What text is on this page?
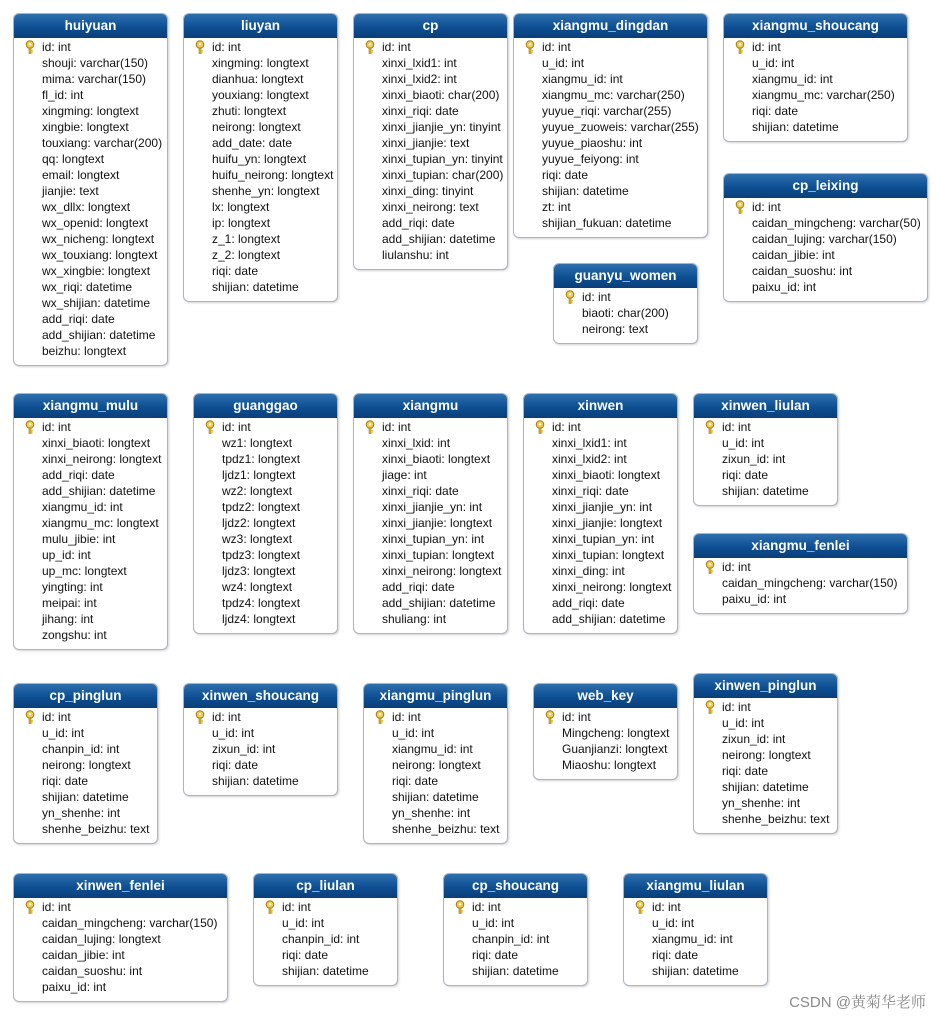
huiyuan
id: int
shouji: varchar(150)
mima: varchar(150)
fl_id: int
xingming: longtext
xingbie: longtext
touxiang: varchar(200)
qq: longtext
email: longtext
jianjie: text
wx_dllx: longtext
wx_openid: longtext
wx_nicheng: longtext
wx_touxiang: longtext
wx_xingbie: longtext
wx_riqi: datetime
wx_shijian: datetime
add_riqi: date
add_shijian: datetime
beizhu: longtext
liuyan
id: int
xingming: longtext
dianhua: longtext
youxiang: longtext
zhuti: longtext
neirong: longtext
add_date: date
huifu_yn: longtext
huifu_neirong: longtext
shenhe_yn: longtext
lx: longtext
ip: longtext
z_1: longtext
z_2: longtext
riqi: date
shijian: datetime
cp
id: int
xinxi_lxid1: int
xinxi_lxid2: int
xinxi_biaoti: char(200)
xinxi_riqi: date
xinxi_jianjie_yn: tinyint
xinxi_jianjie: text
xinxi_tupian_yn: tinyint
xinxi_tupian: char(200)
xinxi_ding: tinyint
xinxi_neirong: text
add_riqi: date
add_shijian: datetime
liulanshu: int
xiangmu_dingdan
id: int
u_id: int
xiangmu_id: int
xiangmu_mc: varchar(250)
yuyue_riqi: varchar(255)
yuyue_zuoweis: varchar(255)
yuyue_piaoshu: int
yuyue_feiyong: int
riqi: date
shijian: datetime
zt: int
shijian_fukuan: datetime
xiangmu_shoucang
id: int
u_id: int
xiangmu_id: int
xiangmu_mc: varchar(250)
riqi: date
shijian: datetime
cp_leixing
id: int
caidan_mingcheng: varchar(50)
caidan_lujing: varchar(150)
caidan_jibie: int
caidan_suoshu: int
paixu_id: int
guanyu_women
id: int
biaoti: char(200)
neirong: text
xiangmu_mulu
id: int
xinxi_biaoti: longtext
xinxi_neirong: longtext
add_riqi: date
add_shijian: datetime
xiangmu_id: int
xiangmu_mc: longtext
mulu_jibie: int
up_id: int
up_mc: longtext
yingting: int
meipai: int
jihang: int
zongshu: int
guanggao
id: int
wz1: longtext
tpdz1: longtext
ljdz1: longtext
wz2: longtext
tpdz2: longtext
ljdz2: longtext
wz3: longtext
tpdz3: longtext
ljdz3: longtext
wz4: longtext
tpdz4: longtext
ljdz4: longtext
xiangmu
id: int
xinxi_lxid: int
xinxi_biaoti: longtext
jiage: int
xinxi_riqi: date
xinxi_jianjie_yn: int
xinxi_jianjie: longtext
xinxi_tupian_yn: int
xinxi_tupian: longtext
xinxi_neirong: longtext
add_riqi: date
add_shijian: datetime
shuliang: int
xinwen
id: int
xinxi_lxid1: int
xinxi_lxid2: int
xinxi_biaoti: longtext
xinxi_riqi: date
xinxi_jianjie_yn: int
xinxi_jianjie: longtext
xinxi_tupian_yn: int
xinxi_tupian: longtext
xinxi_ding: int
xinxi_neirong: longtext
add_riqi: date
add_shijian: datetime
xinwen_liulan
id: int
u_id: int
zixun_id: int
riqi: date
shijian: datetime
xiangmu_fenlei
id: int
caidan_mingcheng: varchar(150)
paixu_id: int
cp_pinglun
id: int
u_id: int
chanpin_id: int
neirong: longtext
riqi: date
shijian: datetime
yn_shenhe: int
shenhe_beizhu: text
xinwen_shoucang
id: int
u_id: int
zixun_id: int
riqi: date
shijian: datetime
xiangmu_pinglun
id: int
u_id: int
xiangmu_id: int
neirong: longtext
riqi: date
shijian: datetime
yn_shenhe: int
shenhe_beizhu: text
web_key
id: int
Mingcheng: longtext
Guanjianzi: longtext
Miaoshu: longtext
xinwen_pinglun
id: int
u_id: int
zixun_id: int
neirong: longtext
riqi: date
shijian: datetime
yn_shenhe: int
shenhe_beizhu: text
xinwen_fenlei
id: int
caidan_mingcheng: varchar(150)
caidan_lujing: longtext
caidan_jibie: int
caidan_suoshu: int
paixu_id: int
cp_liulan
id: int
u_id: int
chanpin_id: int
riqi: date
shijian: datetime
cp_shoucang
id: int
u_id: int
chanpin_id: int
riqi: date
shijian: datetime
xiangmu_liulan
id: int
u_id: int
xiangmu_id: int
riqi: date
shijian: datetime
CSDN @黄菊华老师
